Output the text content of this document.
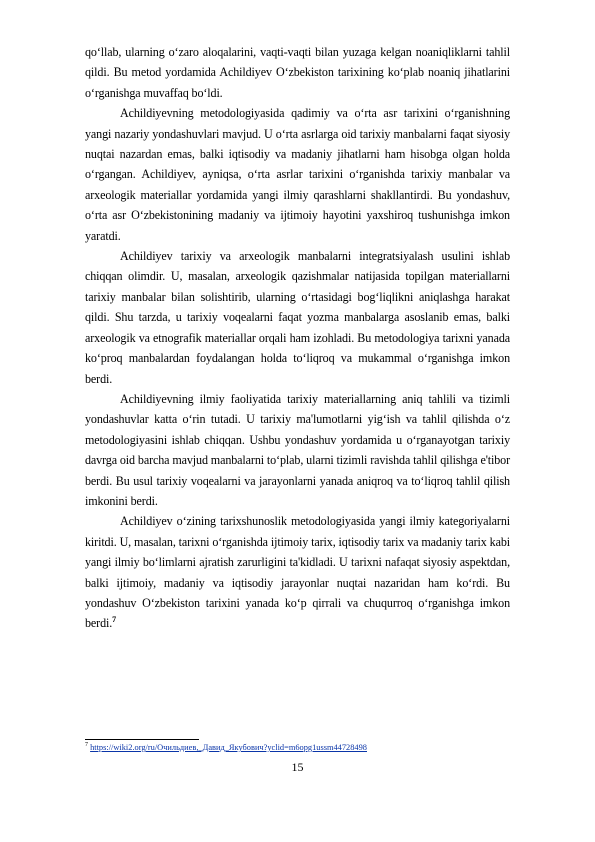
qo‘llab, ularning o‘zaro aloqalarini, vaqti-vaqti bilan yuzaga kelgan noaniqliklarni tahlil qildi. Bu metod yordamida Achildiyev O‘zbekiston tarixining ko‘plab noaniq jihatlarini o‘rganishga muvaffaq bo‘ldi.

Achildiyevning metodologiyasida qadimiy va o‘rta asr tarixini o‘rganishning yangi nazariy yondashuvlari mavjud. U o‘rta asrlarga oid tarixiy manbalarni faqat siyosiy nuqtai nazardan emas, balki iqtisodiy va madaniy jihatlarni ham hisobga olgan holda o‘rgangan. Achildiyev, ayniqsa, o‘rta asrlar tarixini o‘rganishda tarixiy manbalar va arxeologik materiallar yordamida yangi ilmiy qarashlarni shakllantirdi. Bu yondashuv, o‘rta asr O‘zbekistonining madaniy va ijtimoiy hayotini yaxshiroq tushunishga imkon yaratdi.

Achildiyev tarixiy va arxeologik manbalarni integratsiyalash usulini ishlab chiqqan olimdir. U, masalan, arxeologik qazishmalar natijasida topilgan materiallarni tarixiy manbalar bilan solishtirib, ularning o‘rtasidagi bog‘liqlikni aniqlashga harakat qildi. Shu tarzda, u tarixiy voqealarni faqat yozma manbalarga asoslanib emas, balki arxeologik va etnografik materiallar orqali ham izohladi. Bu metodologiya tarixni yanada ko‘proq manbalardan foydalangan holda to‘liqroq va mukammal o‘rganishga imkon berdi.

Achildiyevning ilmiy faoliyatida tarixiy materiallarning aniq tahlili va tizimli yondashuvlar katta o‘rin tutadi. U tarixiy ma'lumotlarni yig‘ish va tahlil qilishda o‘z metodologiyasini ishlab chiqqan. Ushbu yondashuv yordamida u o‘rganayotgan tarixiy davrga oid barcha mavjud manbalarni to‘plab, ularni tizimli ravishda tahlil qilishga e'tibor berdi. Bu usul tarixiy voqealarni va jarayonlarni yanada aniqroq va to‘liqroq tahlil qilish imkonini berdi.

Achildiyev o‘zining tarixshunoslik metodologiyasida yangi ilmiy kategoriyalarni kiritdi. U, masalan, tarixni o‘rganishda ijtimoiy tarix, iqtisodiy tarix va madaniy tarix kabi yangi ilmiy bo‘limlarni ajratish zarurligini ta'kidladi. U tarixni nafaqat siyosiy aspektdan, balki ijtimoiy, madaniy va iqtisodiy jarayonlar nuqtai nazaridan ham ko‘rdi. Bu yondashuv O‘zbekiston tarixini yanada ko‘p qirrali va chuqurroq o‘rganishga imkon berdi.$^7$

$^7$ https://wiki2.org/ru/Очильдиев,_Давид_Якубович?yclid=m6opg1ussm44728498
15
